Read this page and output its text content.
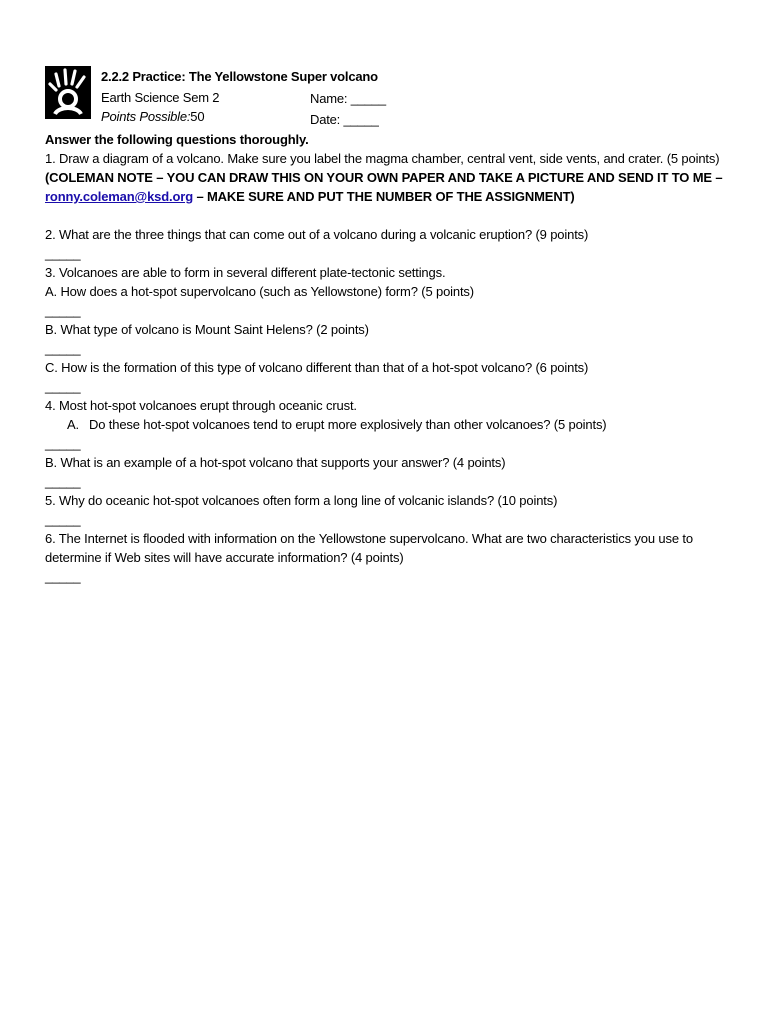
2.2.2 Practice: The Yellowstone Super volcano
Earth Science Sem 2
Points Possible:50
Name: _____
Date: _____

Answer the following questions thoroughly.

1. Draw a diagram of a volcano. Make sure you label the magma chamber, central vent, side vents, and crater. (5 points) (COLEMAN NOTE – YOU CAN DRAW THIS ON YOUR OWN PAPER AND TAKE A PICTURE AND SEND IT TO ME – ronny.coleman@ksd.org – MAKE SURE AND PUT THE NUMBER OF THE ASSIGNMENT)

2. What are the three things that can come out of a volcano during a volcanic eruption? (9 points)

_____

3. Volcanoes are able to form in several different plate-tectonic settings.

A. How does a hot-spot supervolcano (such as Yellowstone) form? (5 points)

_____

B. What type of volcano is Mount Saint Helens? (2 points)

_____

C. How is the formation of this type of volcano different than that of a hot-spot volcano? (6 points)

_____

4. Most hot-spot volcanoes erupt through oceanic crust.

A. Do these hot-spot volcanoes tend to erupt more explosively than other volcanoes? (5 points)

_____

B. What is an example of a hot-spot volcano that supports your answer? (4 points)

_____

5. Why do oceanic hot-spot volcanoes often form a long line of volcanic islands? (10 points)

_____

6. The Internet is flooded with information on the Yellowstone supervolcano. What are two characteristics you use to determine if Web sites will have accurate information? (4 points)

_____
